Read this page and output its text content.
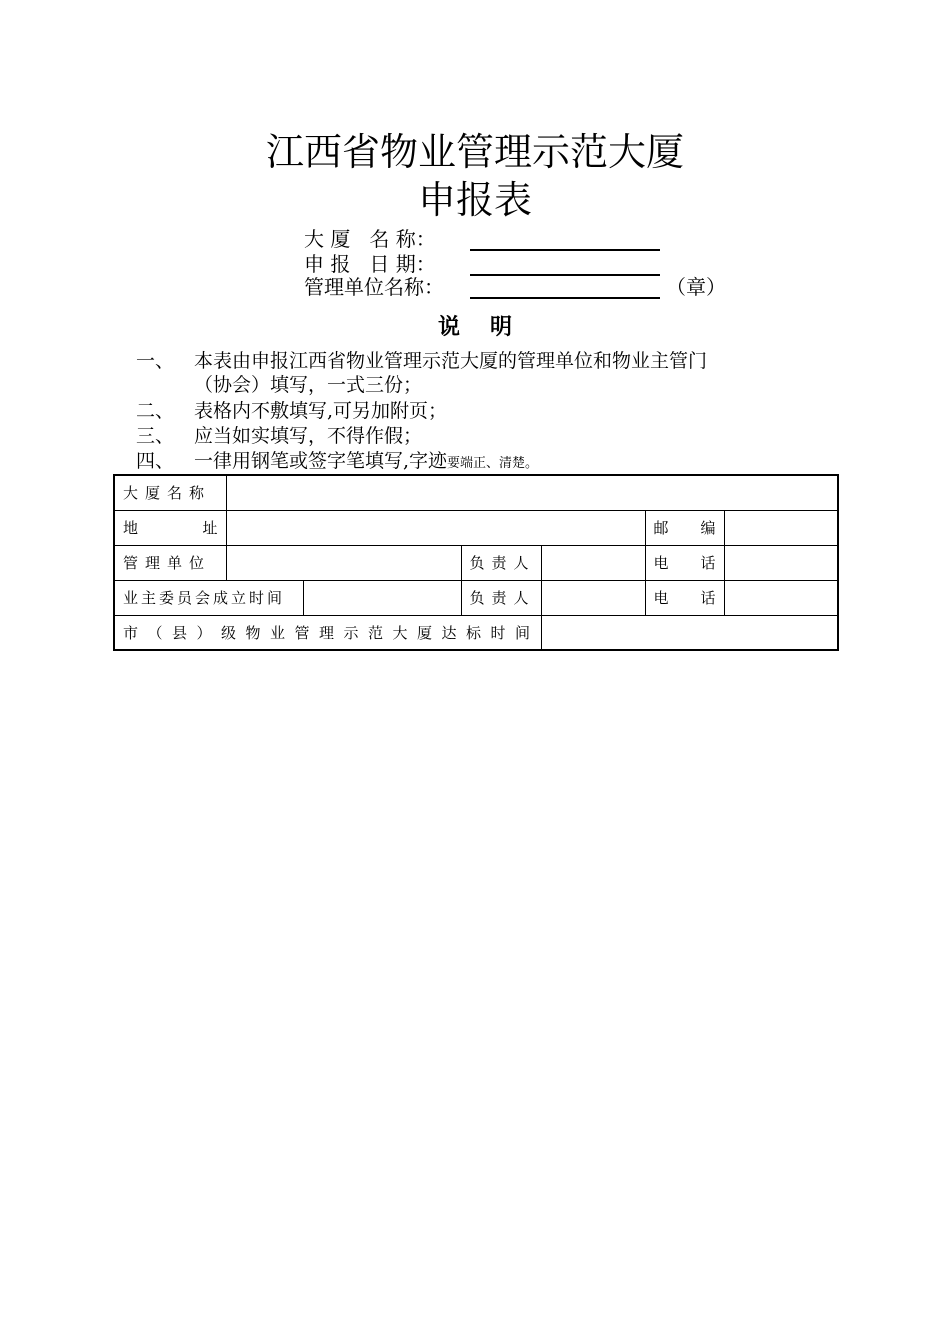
江西省物业管理示范大厦
申报表
大 厦   名 称：
申 报   日 期：
管理单位名称：	（章）
说明
一、 本表由申报江西省物业管理示范大厦的管理单位和物业主管门
（协会）填写，一式三份；
二、 表格内不敷填写,可另加附页；
三、 应当如实填写，不得作假；
四、 一律用钢笔或签字笔填写,字迹要端正、清楚。
大厦名称						

地 址					邮 编	

管理单位			负责人		电 话	

业主委员会成立时间			负责人		电 话	

市（县）级物业管理示范大厦达标时间						
